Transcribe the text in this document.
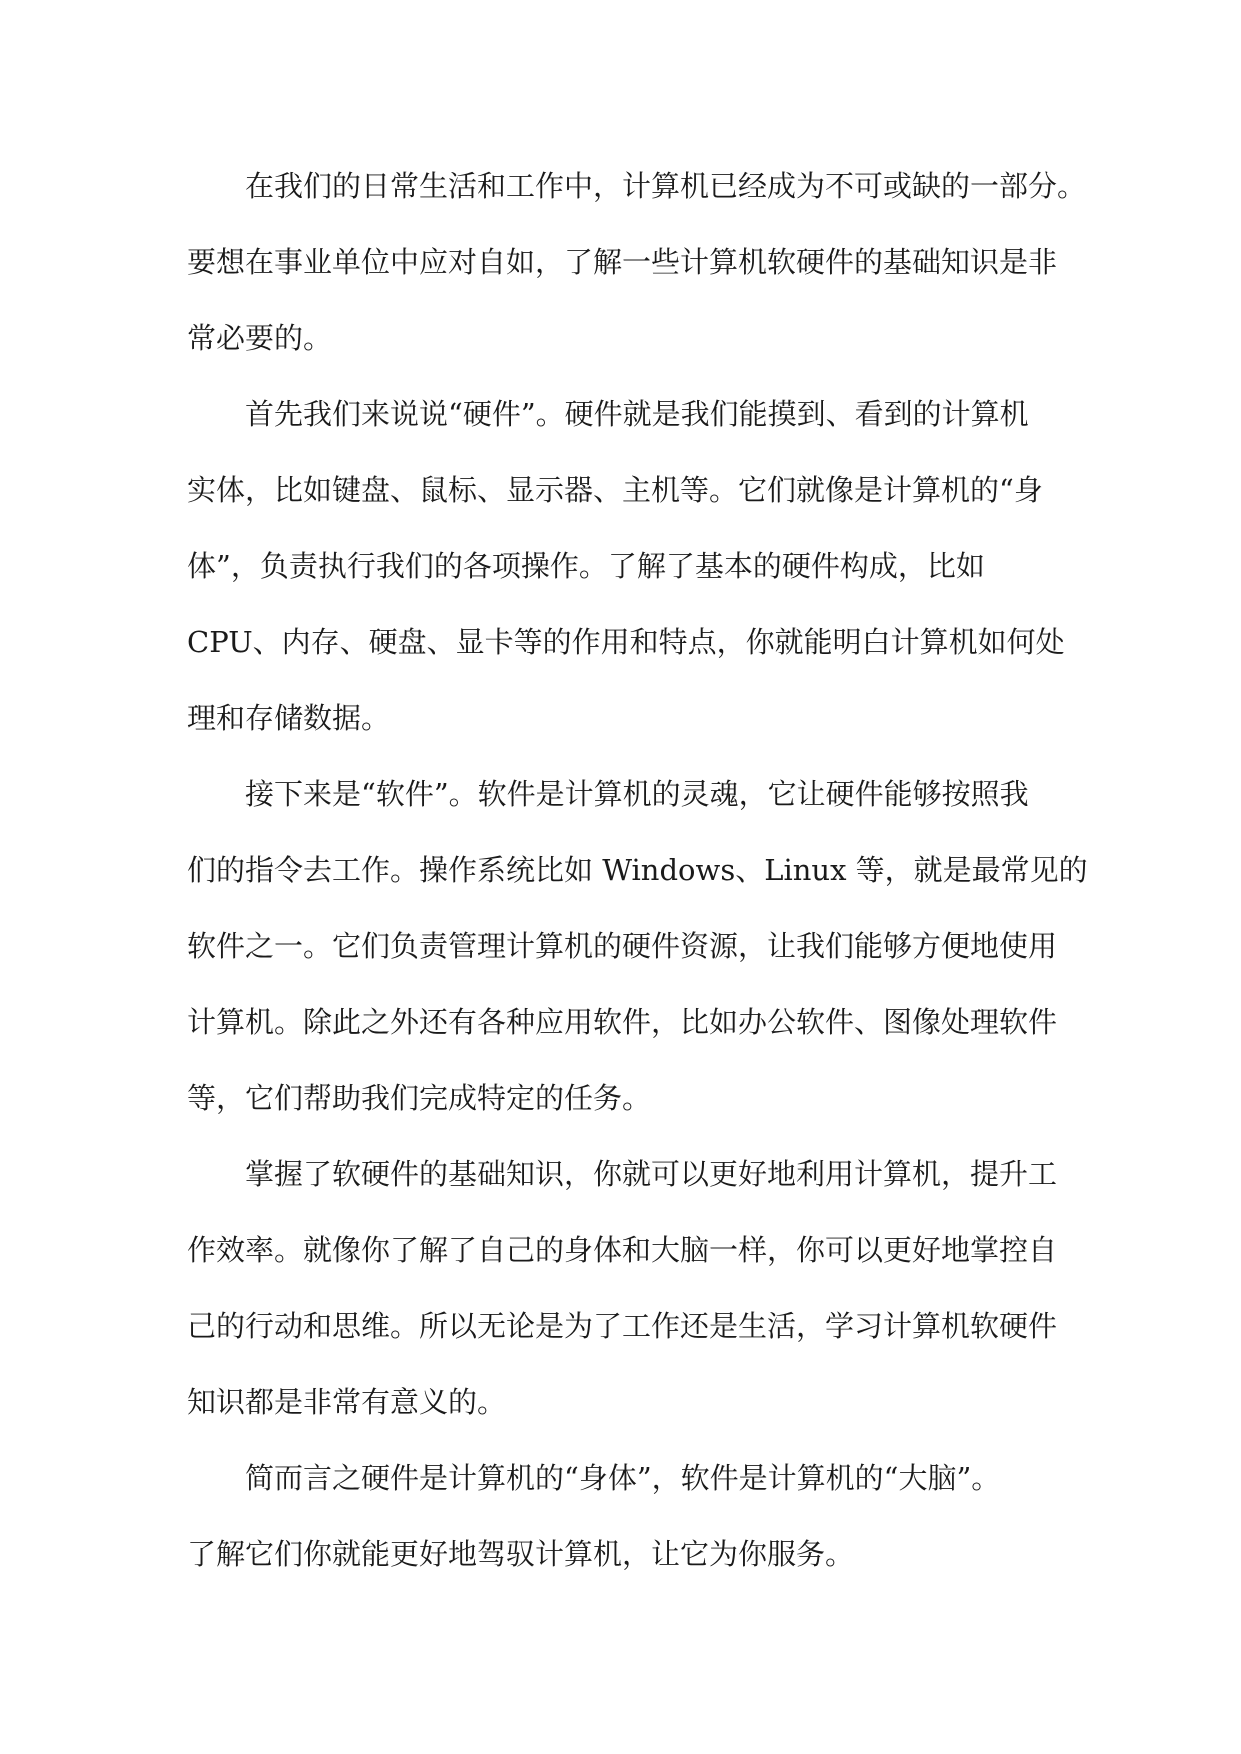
在我们的日常生活和工作中，计算机已经成为不可或缺的一部分。
要想在事业单位中应对自如，了解一些计算机软硬件的基础知识是非
常必要的。
首先我们来说说“硬件”。硬件就是我们能摸到、看到的计算机
实体，比如键盘、鼠标、显示器、主机等。它们就像是计算机的“身
体”，负责执行我们的各项操作。了解了基本的硬件构成，比如
CPU、内存、硬盘、显卡等的作用和特点，你就能明白计算机如何处
理和存储数据。
接下来是“软件”。软件是计算机的灵魂，它让硬件能够按照我
们的指令去工作。操作系统比如 Windows、Linux 等，就是最常见的
软件之一。它们负责管理计算机的硬件资源，让我们能够方便地使用
计算机。除此之外还有各种应用软件，比如办公软件、图像处理软件
等，它们帮助我们完成特定的任务。
掌握了软硬件的基础知识，你就可以更好地利用计算机，提升工
作效率。就像你了解了自己的身体和大脑一样，你可以更好地掌控自
己的行动和思维。所以无论是为了工作还是生活，学习计算机软硬件
知识都是非常有意义的。
简而言之硬件是计算机的“身体”，软件是计算机的“大脑”。
了解它们你就能更好地驾驭计算机，让它为你服务。
